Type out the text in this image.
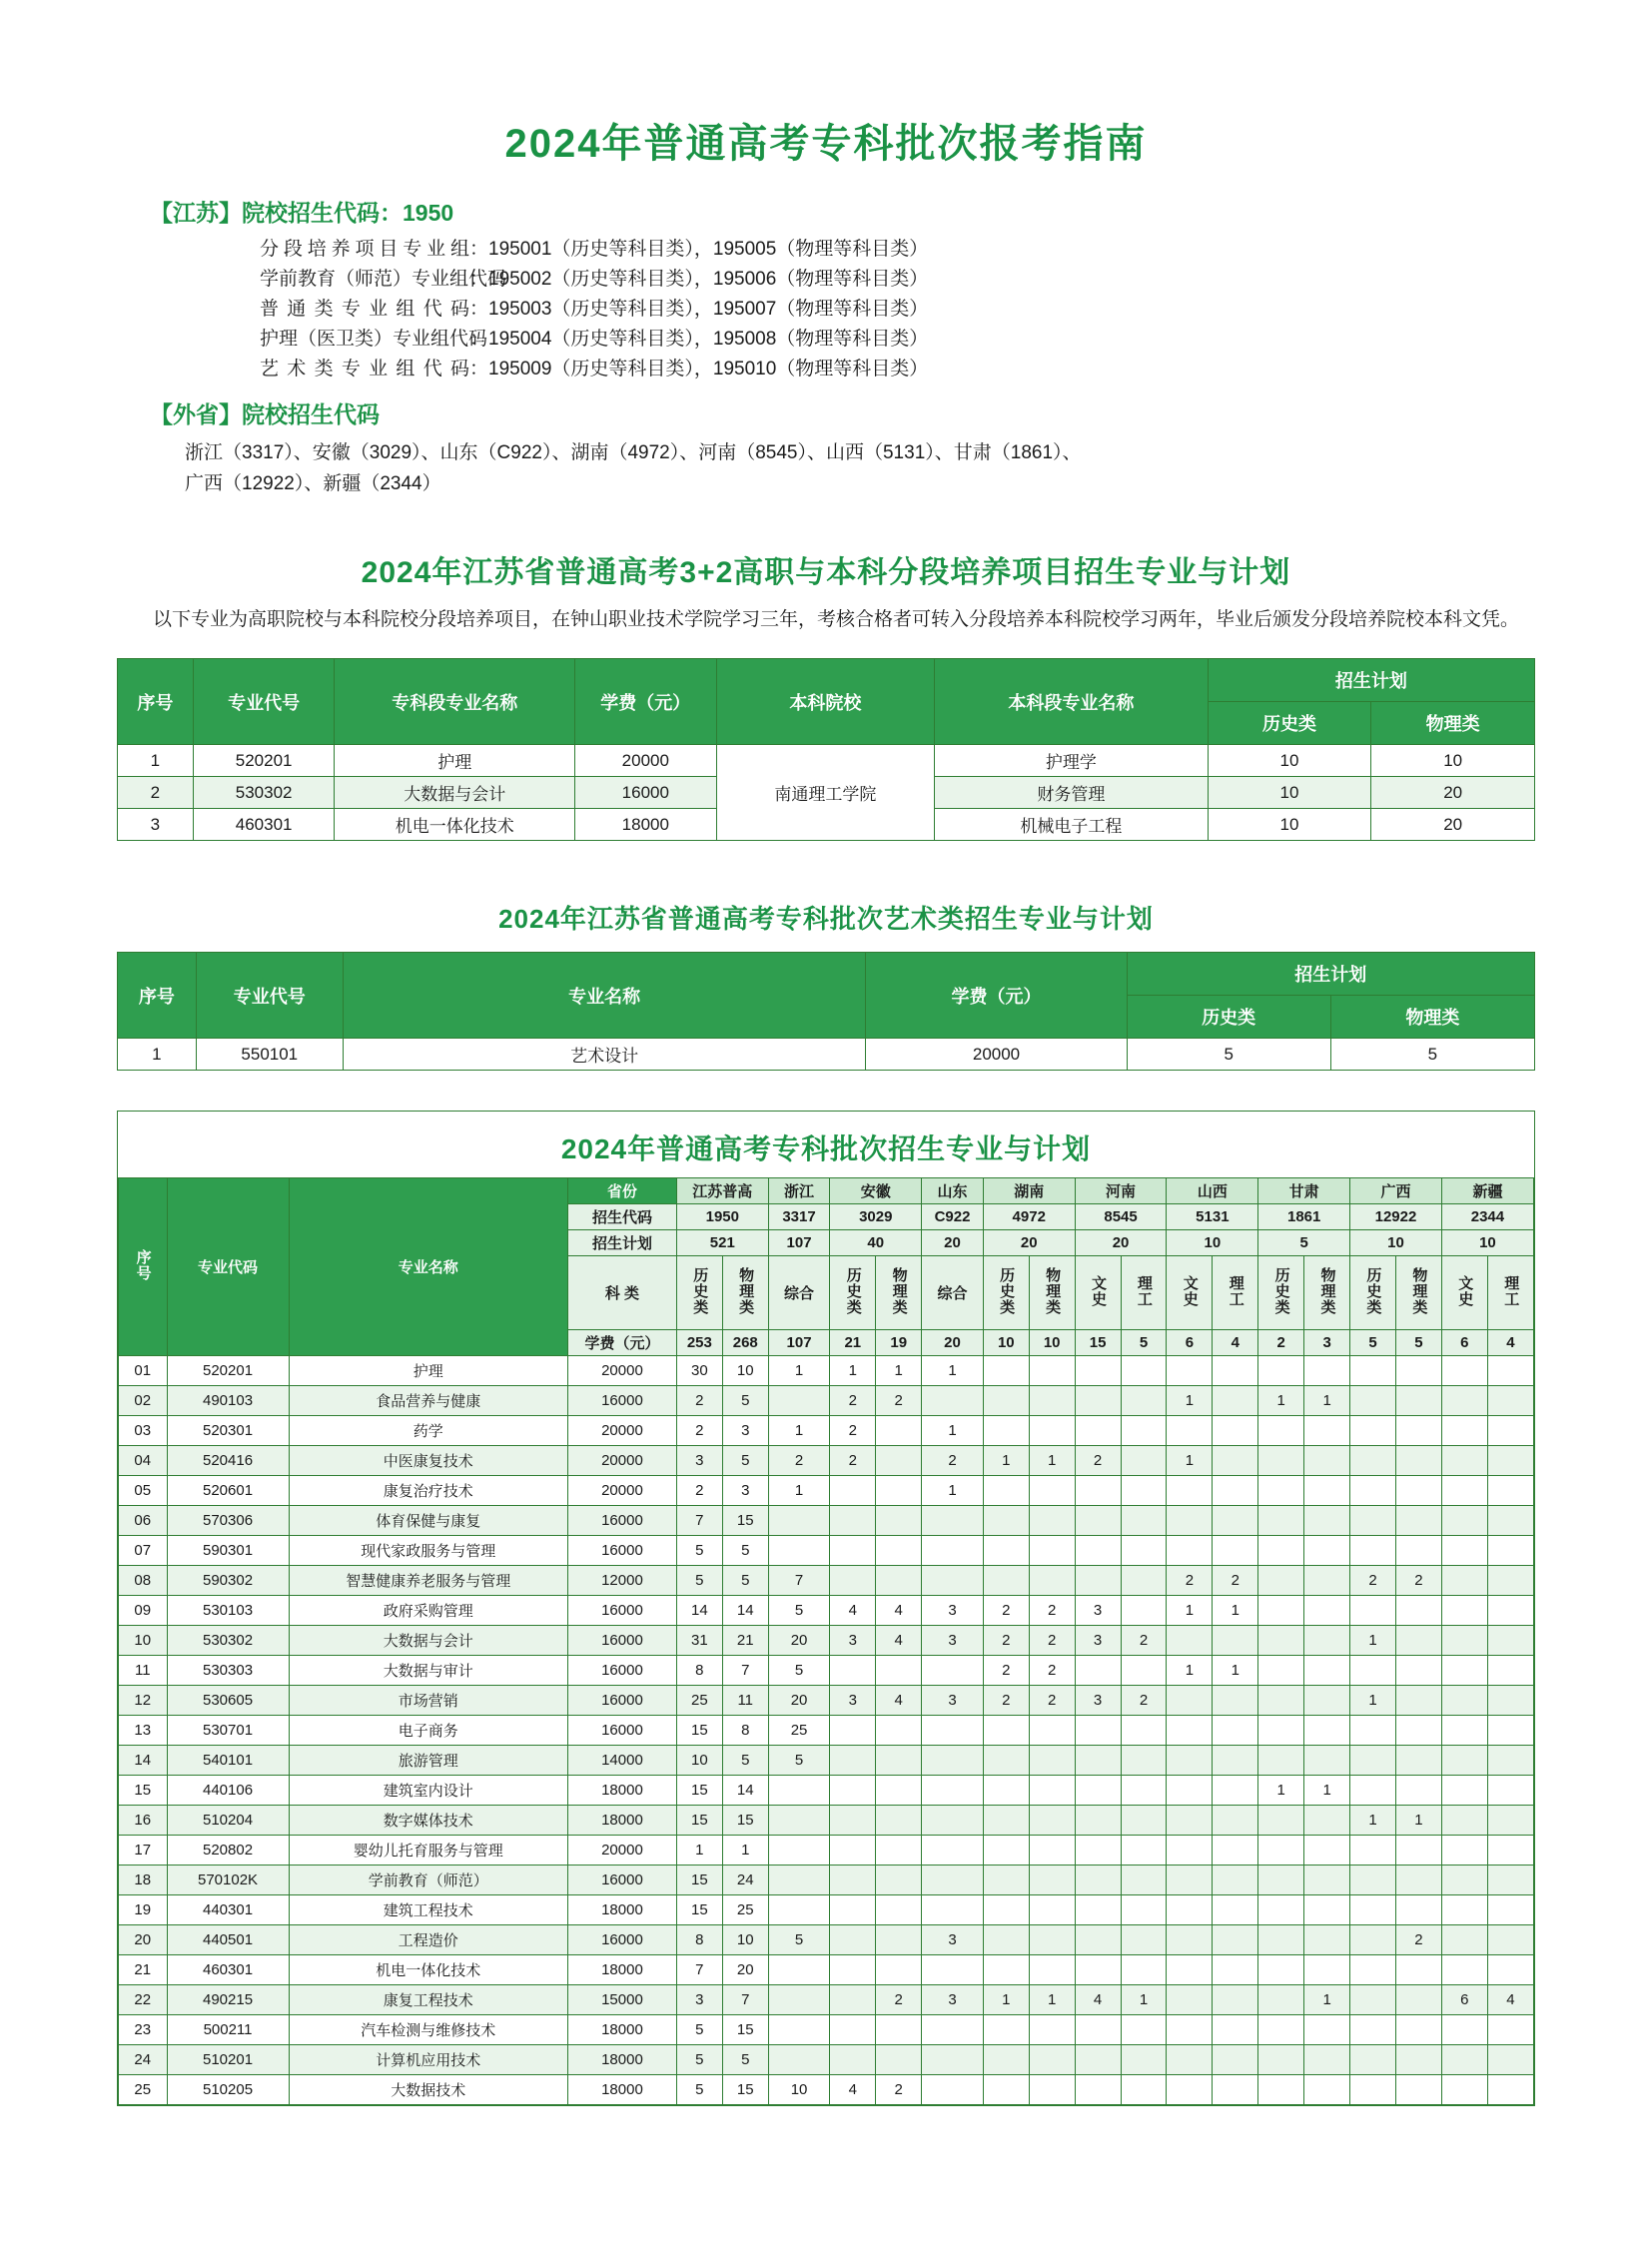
2024年普通高考专科批次报考指南
【江苏】院校招生代码：1950
分段培养项目专业组：195001（历史等科目类），195005（物理等科目类）
学前教育（师范）专业组代码：195002（历史等科目类），195006（物理等科目类）
普通类专业组代码：195003（历史等科目类），195007（物理等科目类）
护理（医卫类）专业组代码：195004（历史等科目类），195008（物理等科目类）
艺术类专业组代码：195009（历史等科目类），195010（物理等科目类）
【外省】院校招生代码
浙江（3317）、安徽（3029）、山东（C922）、湖南（4972）、河南（8545）、山西（5131）、甘肃（1861）、
广西（12922）、新疆（2344）
2024年江苏省普通高考3+2高职与本科分段培养项目招生专业与计划
以下专业为高职院校与本科院校分段培养项目，在钟山职业技术学院学习三年，考核合格者可转入分段培养本科院校学习两年，毕业后颁发分段培养院校本科文凭。
序号	专业代号	专科段专业名称	学费（元）	本科院校	本科段专业名称	招生计划	
						历史类	物理类
1	520201	护理	20000	南通理工学院	护理学	10	10
2	530302	大数据与会计	16000		财务管理	10	20
3	460301	机电一体化技术	18000		机械电子工程	10	20
2024年江苏省普通高考专科批次艺术类招生专业与计划
序号	专业代号	专业名称	学费（元）	招生计划	
				历史类	物理类
1	550101	艺术设计	20000	5	5
2024年普通高考专科批次招生专业与计划
序号	专业代码	专业名称	省份	江苏普高		浙江	安徽		山东	湖南		河南		山西		甘肃		广西		新疆	
			招生代码	1950		3317	3029		C922	4972		8545		5131		1861		12922		2344	
			招生计划	521		107	40		20	20		20		10		5		10		10	
			科 类	历史类	物理类	综合	历史类	物理类	综合	历史类	物理类	文史	理工	文史	理工	历史类	物理类	历史类	物理类	文史	理工
			学费（元）	253	268	107	21	19	20	10	10	15	5	6	4	2	3	5	5	6	4
01	520201	护理	20000	30	10	1	1	1	1												
02	490103	食品营养与健康	16000	2	5		2	2						1		1	1				
03	520301	药学	20000	2	3	1	2		1												
04	520416	中医康复技术	20000	3	5	2	2		2	1	1	2		1							
05	520601	康复治疗技术	20000	2	3	1			1												
06	570306	体育保健与康复	16000	7	15																
07	590301	现代家政服务与管理	16000	5	5																
08	590302	智慧健康养老服务与管理	12000	5	5	7								2	2			2	2		
09	530103	政府采购管理	16000	14	14	5	4	4	3	2	2	3		1	1						
10	530302	大数据与会计	16000	31	21	20	3	4	3	2	2	3	2					1			
11	530303	大数据与审计	16000	8	7	5				2	2			1	1						
12	530605	市场营销	16000	25	11	20	3	4	3	2	2	3	2					1			
13	530701	电子商务	16000	15	8	25															
14	540101	旅游管理	14000	10	5	5															
15	440106	建筑室内设计	18000	15	14											1	1				
16	510204	数字媒体技术	18000	15	15													1	1		
17	520802	婴幼儿托育服务与管理	20000	1	1																
18	570102K	学前教育（师范）	16000	15	24																
19	440301	建筑工程技术	18000	15	25																
20	440501	工程造价	16000	8	10	5			3										2		
21	460301	机电一体化技术	18000	7	20																
22	490215	康复工程技术	15000	3	7			2	3	1	1	4	1				1			6	4
23	500211	汽车检测与维修技术	18000	5	15																
24	510201	计算机应用技术	18000	5	5																
25	510205	大数据技术	18000	5	15	10	4	2													
